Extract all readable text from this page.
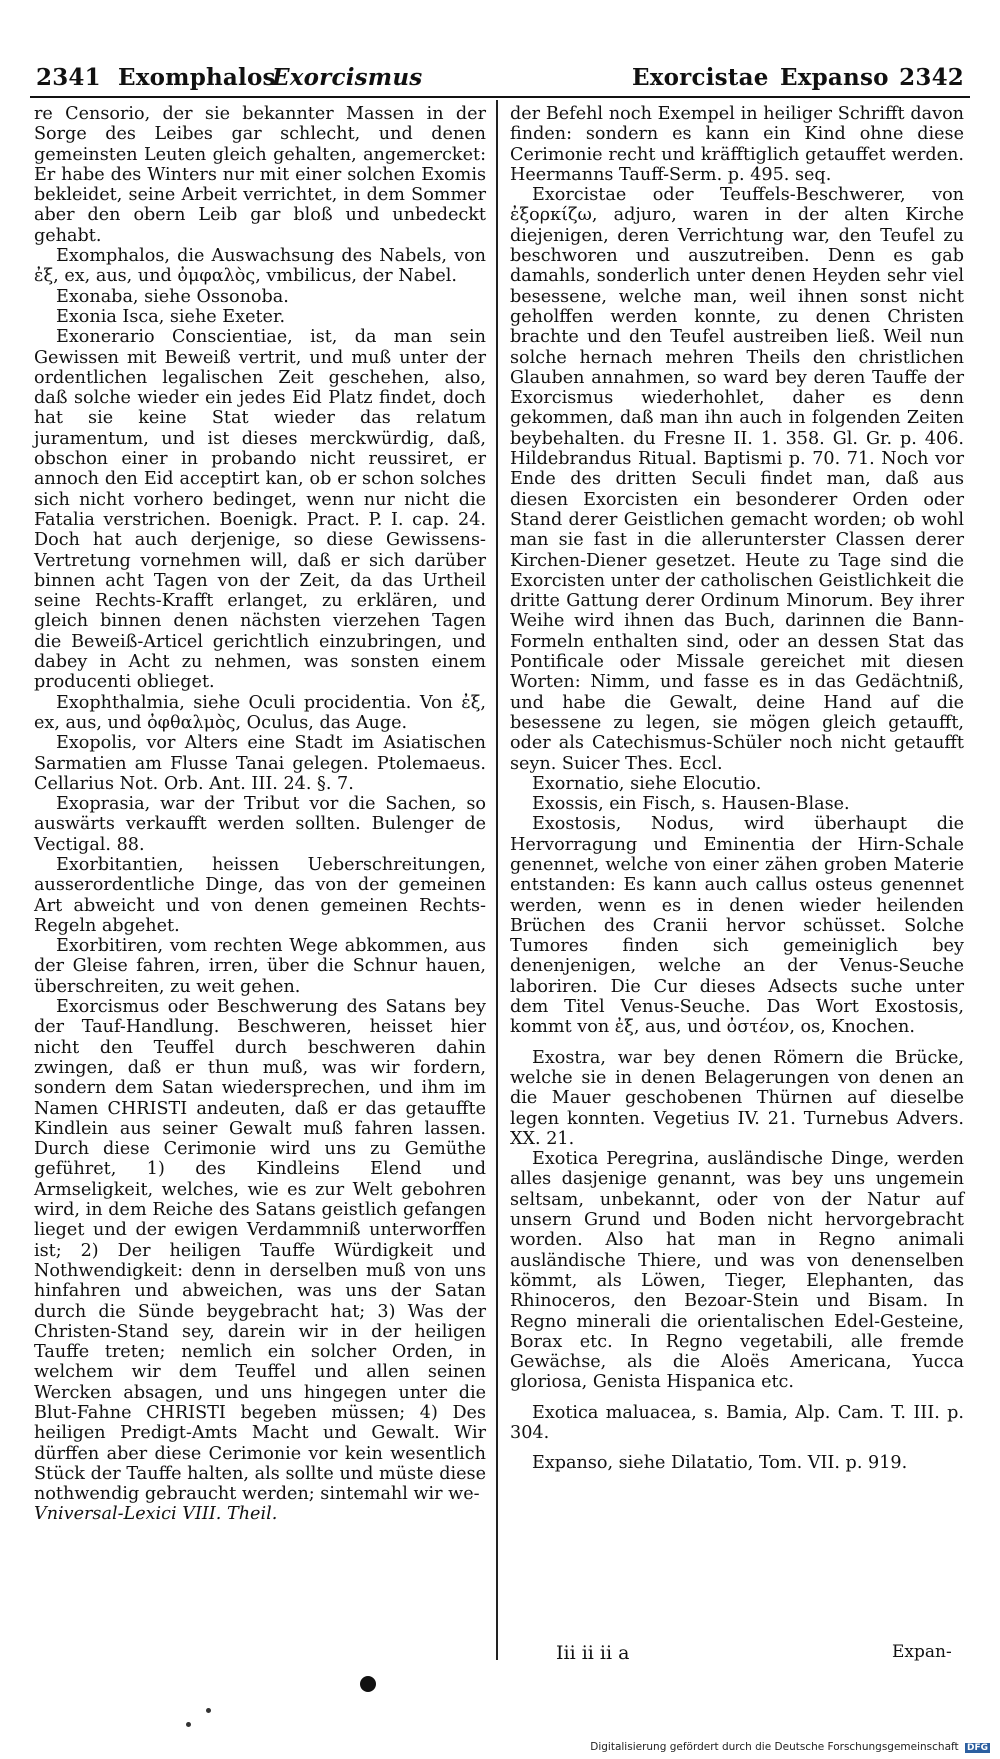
2341 Exomphalos
Exorcismus	Exorcistae Expanso 2342

re Censorio, der sie bekannter Massen in der Sorge des Leibes gar schlecht, und denen gemeinsten Leuten gleich gehalten, angemercket: Er habe des Winters nur mit einer solchen Exomis bekleidet, seine Arbeit verrichtet, in dem Sommer aber den obern Leib gar bloß und unbedeckt gehabt.

Exomphalos, die Auswachsung des Nabels, von ἐξ, ex, aus, und ὀμφαλὸς, vmbilicus, der Nabel.

Exonaba, siehe Ossonoba.

Exonia Isca, siehe Exeter.

Exonerario Conscientiae, ist, da man sein Gewissen mit Beweiß vertrit, und muß unter der ordentlichen legalischen Zeit geschehen, also, daß solche wieder ein jedes Eid Platz findet, doch hat sie keine Stat wieder das relatum juramentum, und ist dieses merckwürdig, daß, obschon einer in probando nicht reussiret, er annoch den Eid acceptirt kan, ob er schon solches sich nicht vorhero bedinget, wenn nur nicht die Fatalia verstrichen. Boenigk. Pract. P. I. cap. 24. Doch hat auch derjenige, so diese Gewissens-Vertretung vornehmen will, daß er sich darüber binnen acht Tagen von der Zeit, da das Urtheil seine Rechts-Krafft erlanget, zu erklären, und gleich binnen denen nächsten vierzehen Tagen die Beweiß-Articel gerichtlich einzubringen, und dabey in Acht zu nehmen, was sonsten einem producenti oblieget.

Exophthalmia, siehe Oculi procidentia. Von ἐξ, ex, aus, und ὀφθαλμὸς, Oculus, das Auge.

Exopolis, vor Alters eine Stadt im Asiatischen Sarmatien am Flusse Tanai gelegen. Ptolemaeus. Cellarius Not. Orb. Ant. III. 24. §. 7.

Exoprasia, war der Tribut vor die Sachen, so auswärts verkaufft werden sollten. Bulenger de Vectigal. 88.

Exorbitantien, heissen Ueberschreitungen, ausserordentliche Dinge, das von der gemeinen Art abweicht und von denen gemeinen Rechts-Regeln abgehet.

Exorbitiren, vom rechten Wege abkommen, aus der Gleise fahren, irren, über die Schnur hauen, überschreiten, zu weit gehen.

Exorcismus oder Beschwerung des Satans bey der Tauf-Handlung. Beschweren, heisset hier nicht den Teuffel durch beschweren dahin zwingen, daß er thun muß, was wir fordern, sondern dem Satan wiedersprechen, und ihm im Namen CHRISTI andeuten, daß er das getauffte Kindlein aus seiner Gewalt muß fahren lassen. Durch diese Cerimonie wird uns zu Gemüthe geführet, 1) des Kindleins Elend und Armseligkeit, welches, wie es zur Welt gebohren wird, in dem Reiche des Satans geistlich gefangen lieget und der ewigen Verdammniß unterworffen ist; 2) Der heiligen Tauffe Würdigkeit und Nothwendigkeit: denn in derselben muß von uns hinfahren und abweichen, was uns der Satan durch die Sünde beygebracht hat; 3) Was der Christen-Stand sey, darein wir in der heiligen Tauffe treten; nemlich ein solcher Orden, in welchem wir dem Teuffel und allen seinen Wercken absagen, und uns hingegen unter die Blut-Fahne CHRISTI begeben müssen; 4) Des heiligen Predigt-Amts Macht und Gewalt. Wir dürffen aber diese Cerimonie vor kein wesentlich Stück der Tauffe halten, als sollte und müste diese nothwendig gebraucht werden; sintemahl wir we-

Vniversal-Lexici VIII. Theil.

der Befehl noch Exempel in heiliger Schrifft davon finden: sondern es kann ein Kind ohne diese Cerimonie recht und kräfftiglich getauffet werden. Heermanns Tauff-Serm. p. 495. seq.

Exorcistae oder Teuffels-Beschwerer, von ἐξορκίζω, adjuro, waren in der alten Kirche diejenigen, deren Verrichtung war, den Teufel zu beschworen und auszutreiben. Denn es gab damahls, sonderlich unter denen Heyden sehr viel besessene, welche man, weil ihnen sonst nicht geholffen werden konnte, zu denen Christen brachte und den Teufel austreiben ließ. Weil nun solche hernach mehren Theils den christlichen Glauben annahmen, so ward bey deren Tauffe der Exorcismus wiederhohlet, daher es denn gekommen, daß man ihn auch in folgenden Zeiten beybehalten. du Fresne II. 1. 358. Gl. Gr. p. 406. Hildebrandus Ritual. Baptismi p. 70. 71. Noch vor Ende des dritten Seculi findet man, daß aus diesen Exorcisten ein besonderer Orden oder Stand derer Geistlichen gemacht worden; ob wohl man sie fast in die allerunterster Classen derer Kirchen-Diener gesetzet. Heute zu Tage sind die Exorcisten unter der catholischen Geistlichkeit die dritte Gattung derer Ordinum Minorum. Bey ihrer Weihe wird ihnen das Buch, darinnen die Bann-Formeln enthalten sind, oder an dessen Stat das Pontificale oder Missale gereichet mit diesen Worten: Nimm, und fasse es in das Gedächtniß, und habe die Gewalt, deine Hand auf die besessene zu legen, sie mögen gleich getaufft, oder als Catechismus-Schüler noch nicht getaufft seyn. Suicer Thes. Eccl.

Exornatio, siehe Elocutio.

Exossis, ein Fisch, s. Hausen-Blase.

Exostosis, Nodus, wird überhaupt die Hervorragung und Eminentia der Hirn-Schale genennet, welche von einer zähen groben Materie entstanden: Es kann auch callus osteus genennet werden, wenn es in denen wieder heilenden Brüchen des Cranii hervor schüsset. Solche Tumores finden sich gemeiniglich bey denenjenigen, welche an der Venus-Seuche laboriren. Die Cur dieses Adsects suche unter dem Titel Venus-Seuche. Das Wort Exostosis, kommt von ἐξ, aus, und ὀστέον, os, Knochen.

Exostra, war bey denen Römern die Brücke, welche sie in denen Belagerungen von denen an die Mauer geschobenen Thürnen auf dieselbe legen konnten. Vegetius IV. 21. Turnebus Advers. XX. 21.

Exotica Peregrina, ausländische Dinge, werden alles dasjenige genannt, was bey uns ungemein seltsam, unbekannt, oder von der Natur auf unsern Grund und Boden nicht hervorgebracht worden. Also hat man in Regno animali ausländische Thiere, und was von denenselben kömmt, als Löwen, Tieger, Elephanten, das Rhinoceros, den Bezoar-Stein und Bisam. In Regno minerali die orientalischen Edel-Gesteine, Borax etc. In Regno vegetabili, alle fremde Gewächse, als die Aloës Americana, Yucca gloriosa, Genista Hispanica etc.

Exotica maluacea, s. Bamia, Alp. Cam. T. III. p. 304.

Expanso, siehe Dilatatio, Tom. VII. p. 919.

Iii ii ii a	Expan-
Digitalisierung gefördert durch die Deutsche Forschungsgemeinschaft DFG
